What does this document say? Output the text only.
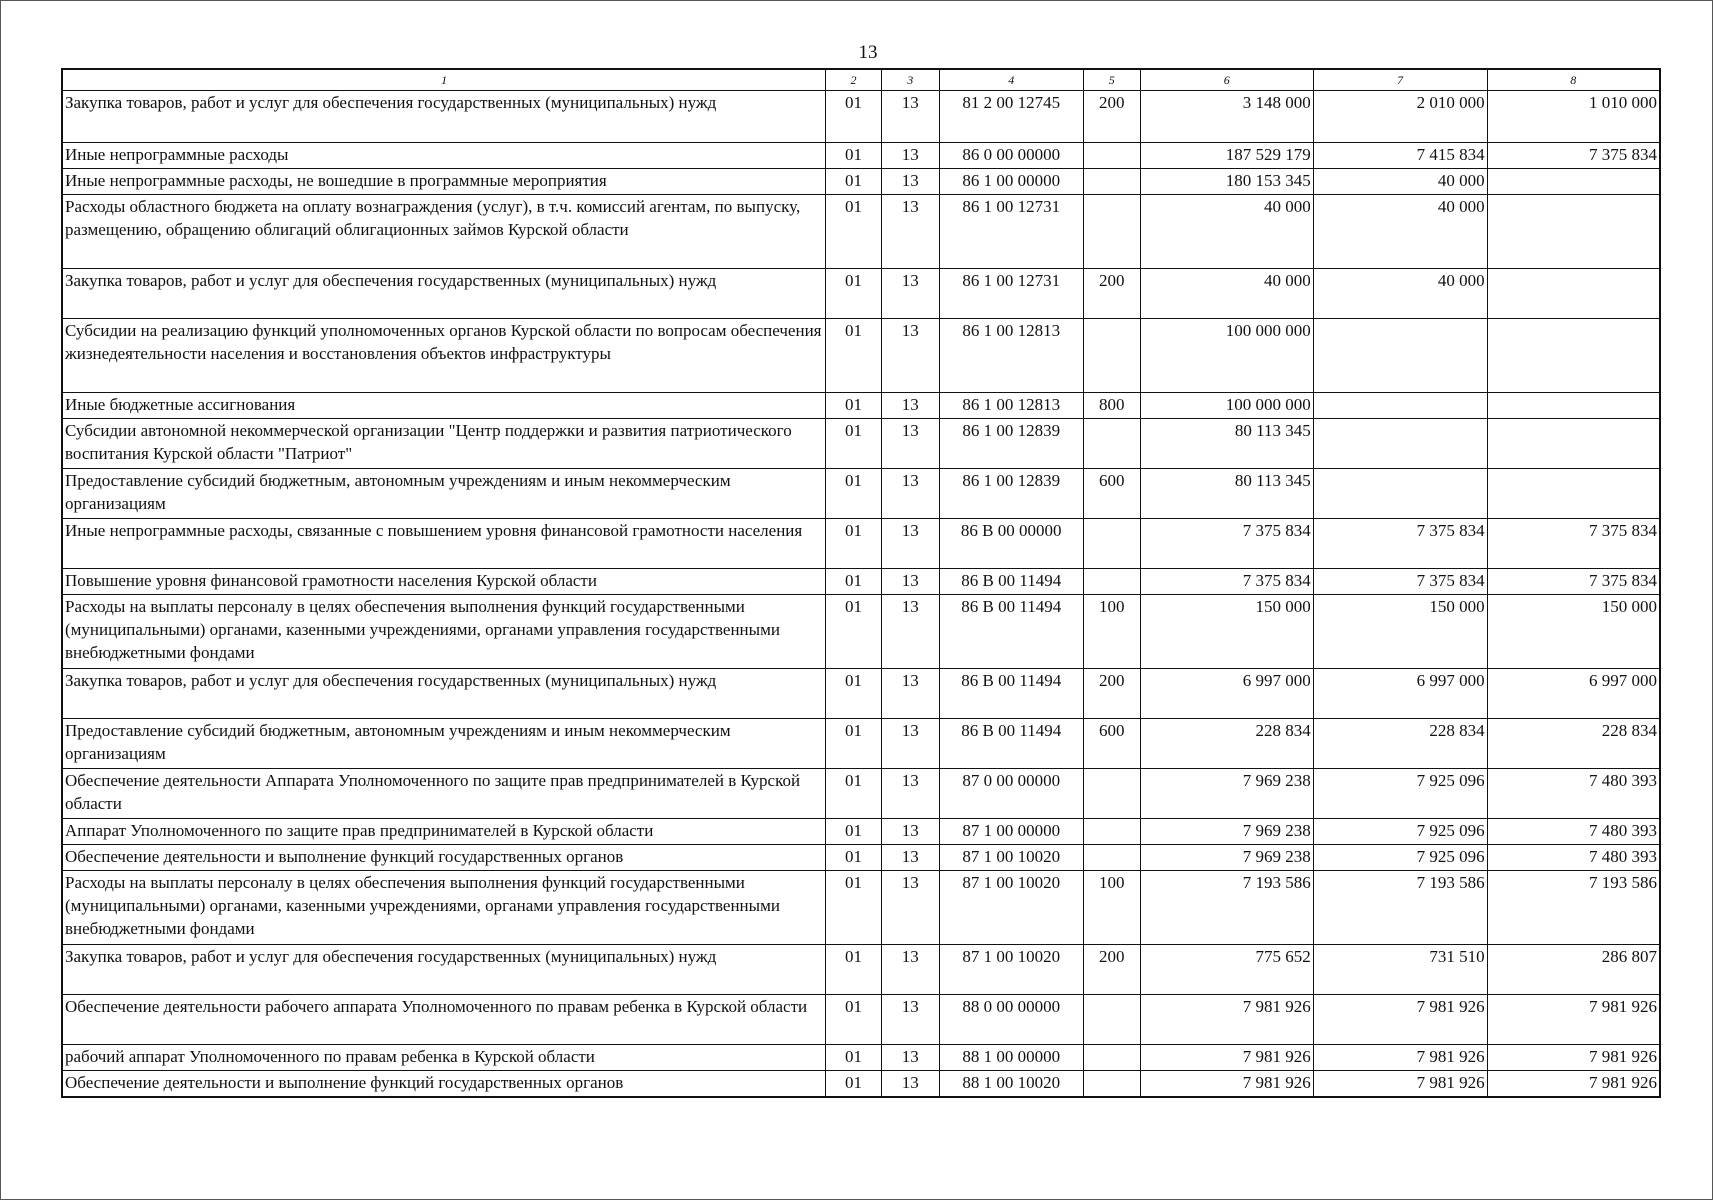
13
1	2	3	4	5	6	7	8
Закупка товаров, работ и услуг для обеспечения государственных (муниципальных) нужд	01	13	81 2 00 12745	200	3 148 000	2 010 000	1 010 000
Иные непрограммные расходы	01	13	86 0 00 00000		187 529 179	7 415 834	7 375 834
Иные непрограммные расходы, не вошедшие в программные мероприятия	01	13	86 1 00 00000		180 153 345	40 000	
Расходы областного бюджета на оплату вознаграждения (услуг), в т.ч. комиссий агентам, по выпуску, размещению, обращению облигаций облигационных займов Курской области	01	13	86 1 00 12731		40 000	40 000	
Закупка товаров, работ и услуг для обеспечения государственных (муниципальных) нужд	01	13	86 1 00 12731	200	40 000	40 000	
Субсидии на реализацию функций уполномоченных органов Курской области по вопросам обеспечения жизнедеятельности населения и восстановления объектов инфраструктуры	01	13	86 1 00 12813		100 000 000		
Иные бюджетные ассигнования	01	13	86 1 00 12813	800	100 000 000		
Субсидии автономной некоммерческой организации "Центр поддержки и развития патриотического воспитания Курской области "Патриот"	01	13	86 1 00 12839		80 113 345		
Предоставление субсидий бюджетным, автономным учреждениям и иным некоммерческим организациям	01	13	86 1 00 12839	600	80 113 345		
Иные непрограммные расходы, связанные с повышением уровня финансовой грамотности населения	01	13	86 В 00 00000		7 375 834	7 375 834	7 375 834
Повышение уровня финансовой грамотности населения Курской области	01	13	86 В 00 11494		7 375 834	7 375 834	7 375 834
Расходы на выплаты персоналу в целях обеспечения выполнения функций государственными (муниципальными) органами, казенными учреждениями, органами управления государственными внебюджетными фондами	01	13	86 В 00 11494	100	150 000	150 000	150 000
Закупка товаров, работ и услуг для обеспечения государственных (муниципальных) нужд	01	13	86 В 00 11494	200	6 997 000	6 997 000	6 997 000
Предоставление субсидий бюджетным, автономным учреждениям и иным некоммерческим организациям	01	13	86 В 00 11494	600	228 834	228 834	228 834
Обеспечение деятельности Аппарата Уполномоченного по защите прав предпринимателей в Курской области	01	13	87 0 00 00000		7 969 238	7 925 096	7 480 393
Аппарат Уполномоченного по защите прав предпринимателей в Курской области	01	13	87 1 00 00000		7 969 238	7 925 096	7 480 393
Обеспечение деятельности и выполнение функций государственных органов	01	13	87 1 00 10020		7 969 238	7 925 096	7 480 393
Расходы на выплаты персоналу в целях обеспечения выполнения функций государственными (муниципальными) органами, казенными учреждениями, органами управления государственными внебюджетными фондами	01	13	87 1 00 10020	100	7 193 586	7 193 586	7 193 586
Закупка товаров, работ и услуг для обеспечения государственных (муниципальных) нужд	01	13	87 1 00 10020	200	775 652	731 510	286 807
Обеспечение деятельности рабочего аппарата Уполномоченного по правам ребенка в Курской области	01	13	88 0 00 00000		7 981 926	7 981 926	7 981 926
рабочий аппарат Уполномоченного по правам ребенка в Курской области	01	13	88 1 00 00000		7 981 926	7 981 926	7 981 926
Обеспечение деятельности и выполнение функций государственных органов	01	13	88 1 00 10020		7 981 926	7 981 926	7 981 926
